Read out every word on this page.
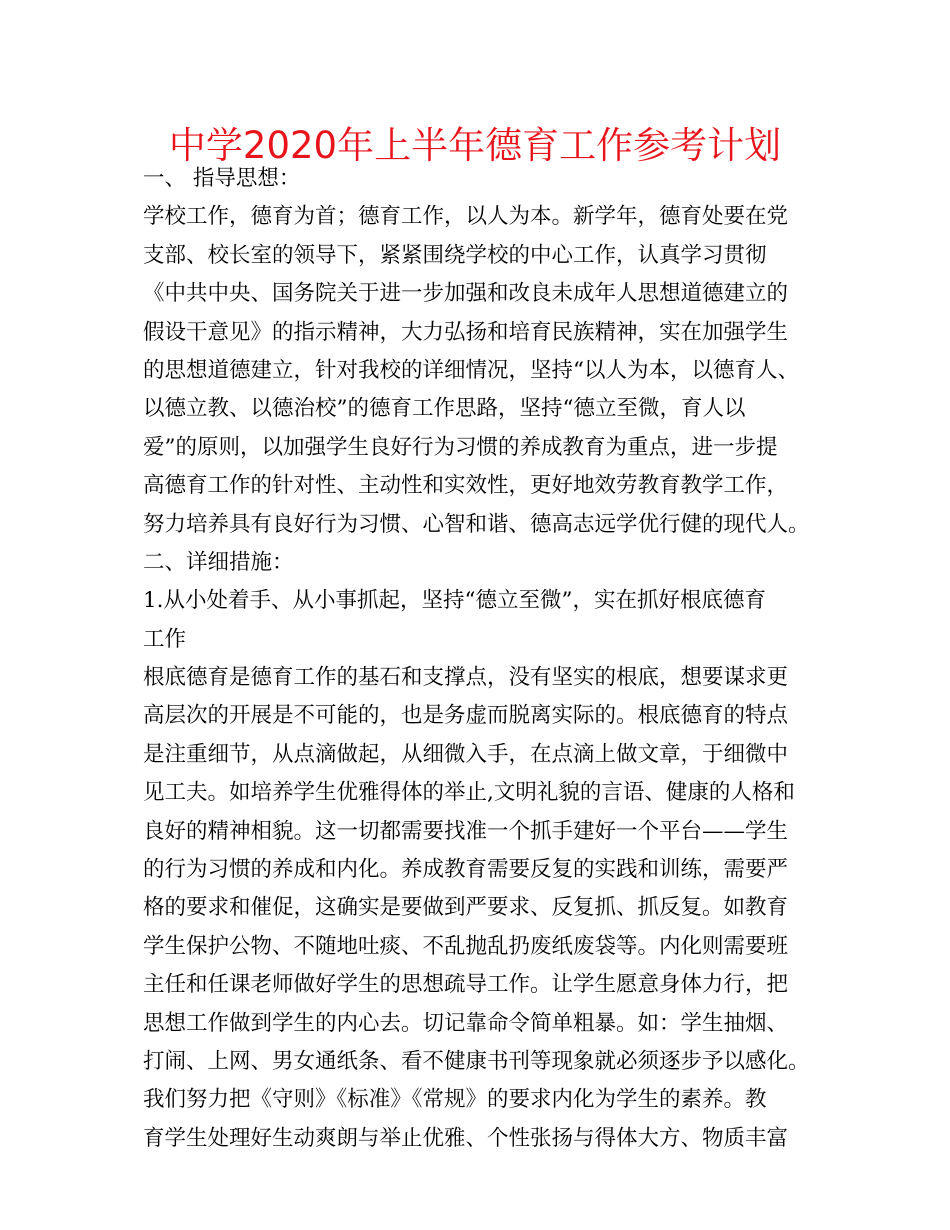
中学2020年上半年德育工作参考计划
一、 指导思想：
学校工作，德育为首；德育工作，以人为本。新学年，德育处要在党
支部、校长室的领导下，紧紧围绕学校的中心工作，认真学习贯彻
《中共中央、国务院关于进一步加强和改良未成年人思想道德建立的
假设干意见》的指示精神，大力弘扬和培育民族精神，实在加强学生
的思想道德建立，针对我校的详细情况，坚持“以人为本，以德育人、
以德立教、以德治校”的德育工作思路，坚持“德立至微，育人以
爱”的原则，以加强学生良好行为习惯的养成教育为重点，进一步提
高德育工作的针对性、主动性和实效性，更好地效劳教育教学工作，
努力培养具有良好行为习惯、心智和谐、德高志远学优行健的现代人。
二、详细措施：
1.从小处着手、从小事抓起，坚持“德立至微”，实在抓好根底德育
工作
根底德育是德育工作的基石和支撑点，没有坚实的根底，想要谋求更
高层次的开展是不可能的，也是务虚而脱离实际的。根底德育的特点
是注重细节，从点滴做起，从细微入手，在点滴上做文章，于细微中
见工夫。如培养学生优雅得体的举止,文明礼貌的言语、健康的人格和
良好的精神相貌。这一切都需要找准一个抓手建好一个平台——学生
的行为习惯的养成和内化。养成教育需要反复的实践和训练，需要严
格的要求和催促，这确实是要做到严要求、反复抓、抓反复。如教育
学生保护公物、不随地吐痰、不乱抛乱扔废纸废袋等。内化则需要班
主任和任课老师做好学生的思想疏导工作。让学生愿意身体力行，把
思想工作做到学生的内心去。切记靠命令简单粗暴。如：学生抽烟、
打闹、上网、男女通纸条、看不健康书刊等现象就必须逐步予以感化。
我们努力把《守则》《标准》《常规》的要求内化为学生的素养。教
育学生处理好生动爽朗与举止优雅、个性张扬与得体大方、物质丰富
